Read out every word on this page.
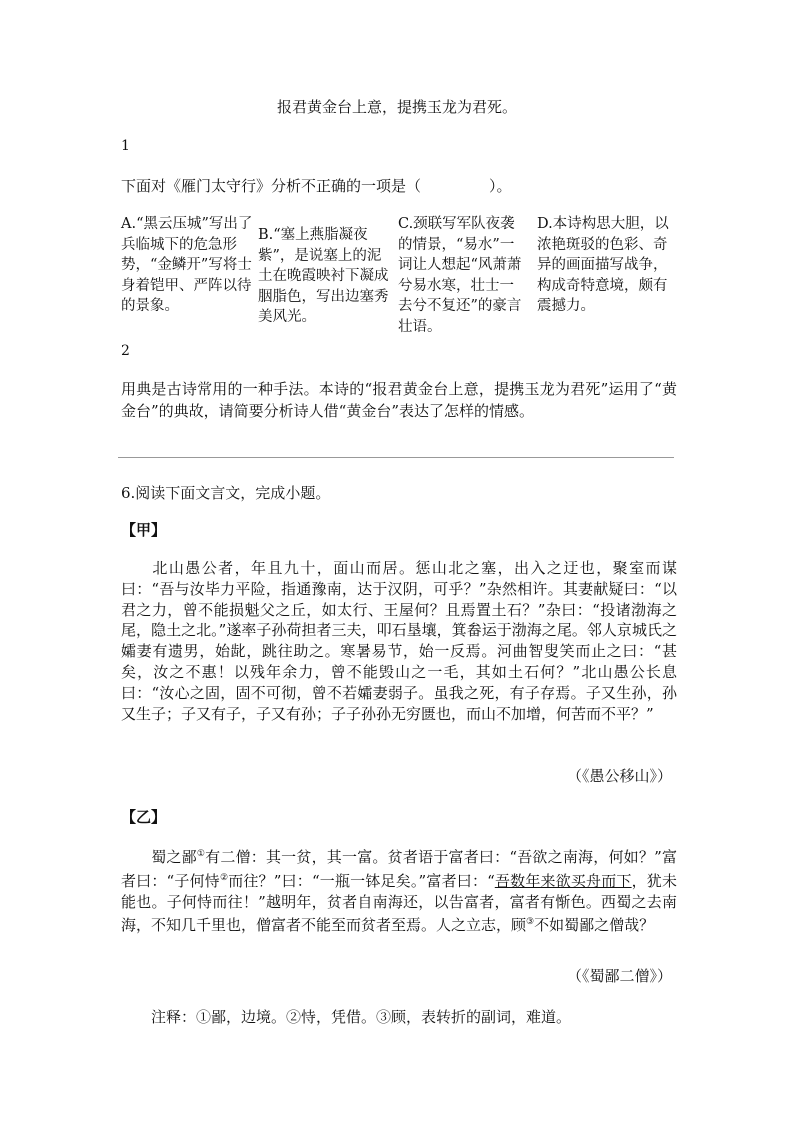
报君黄金台上意，提携玉龙为君死。
1
下面对《雁门太守行》分析不正确的一项是（	）。
A.“黑云压城”写出了兵临城下的危急形势，“金鳞开”写将士身着铠甲、严阵以待的景象。
B.“塞上燕脂凝夜紫”，是说塞上的泥土在晚霞映衬下凝成胭脂色，写出边塞秀美风光。
C.颈联写军队夜袭的情景，“易水”一词让人想起“风萧萧兮易水寒，壮士一去兮不复还”的豪言壮语。
D.本诗构思大胆，以浓艳斑驳的色彩、奇异的画面描写战争，构成奇特意境，颇有震撼力。
2
用典是古诗常用的一种手法。本诗的“报君黄金台上意，提携玉龙为君死”运用了“黄金台”的典故，请简要分析诗人借“黄金台”表达了怎样的情感。
6.阅读下面文言文，完成小题。
【甲】
北山愚公者，年且九十，面山而居。惩山北之塞，出入之迂也，聚室而谋曰：“吾与汝毕力平险，指通豫南，达于汉阴，可乎？”杂然相许。其妻献疑曰：“以君之力，曾不能损魁父之丘，如太行、王屋何？且焉置土石？”杂曰：“投诸渤海之尾，隐土之北。”遂率子孙荷担者三夫，叩石垦壤，箕畚运于渤海之尾。邻人京城氏之孀妻有遗男，始龀，跳往助之。寒暑易节，始一反焉。河曲智叟笑而止之曰：“甚矣，汝之不惠！以残年余力，曾不能毁山之一毛，其如土石何？”北山愚公长息曰：“汝心之固，固不可彻，曾不若孀妻弱子。虽我之死，有子存焉。子又生孙，孙又生子；子又有子，子又有孙；子子孙孙无穷匮也，而山不加增，何苦而不平？”
（《愚公移山》）
【乙】
蜀之鄙①有二僧：其一贫，其一富。贫者语于富者曰：“吾欲之南海，何如？”富者曰：“子何恃②而往？”曰：“一瓶一钵足矣。”富者曰：“吾数年来欲买舟而下，犹未能也。子何恃而往！”越明年，贫者自南海还，以告富者，富者有惭色。西蜀之去南海，不知几千里也，僧富者不能至而贫者至焉。人之立志，顾③不如蜀鄙之僧哉？
（《蜀鄙二僧》）
注释：①鄙，边境。②恃，凭借。③顾，表转折的副词，难道。
